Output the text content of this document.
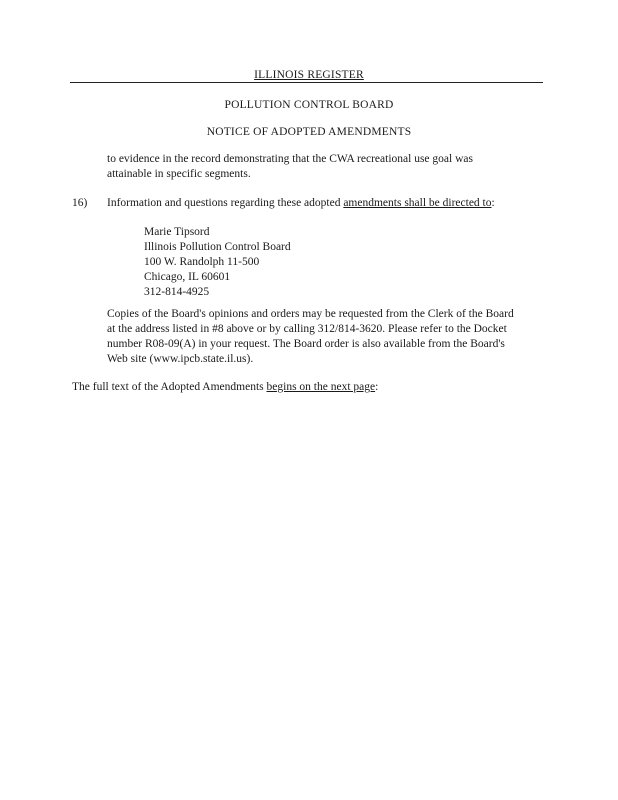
ILLINOIS REGISTER
POLLUTION CONTROL BOARD
NOTICE OF ADOPTED AMENDMENTS
to evidence in the record demonstrating that the CWA recreational use goal was
attainable in specific segments.
16) Information and questions regarding these adopted amendments shall be directed to:
Marie Tipsord
Illinois Pollution Control Board
100 W. Randolph 11-500
Chicago, IL 60601
312-814-4925
Copies of the Board's opinions and orders may be requested from the Clerk of the Board
at the address listed in #8 above or by calling 312/814-3620. Please refer to the Docket
number R08-09(A) in your request. The Board order is also available from the Board's
Web site (www.ipcb.state.il.us).
The full text of the Adopted Amendments begins on the next page:
